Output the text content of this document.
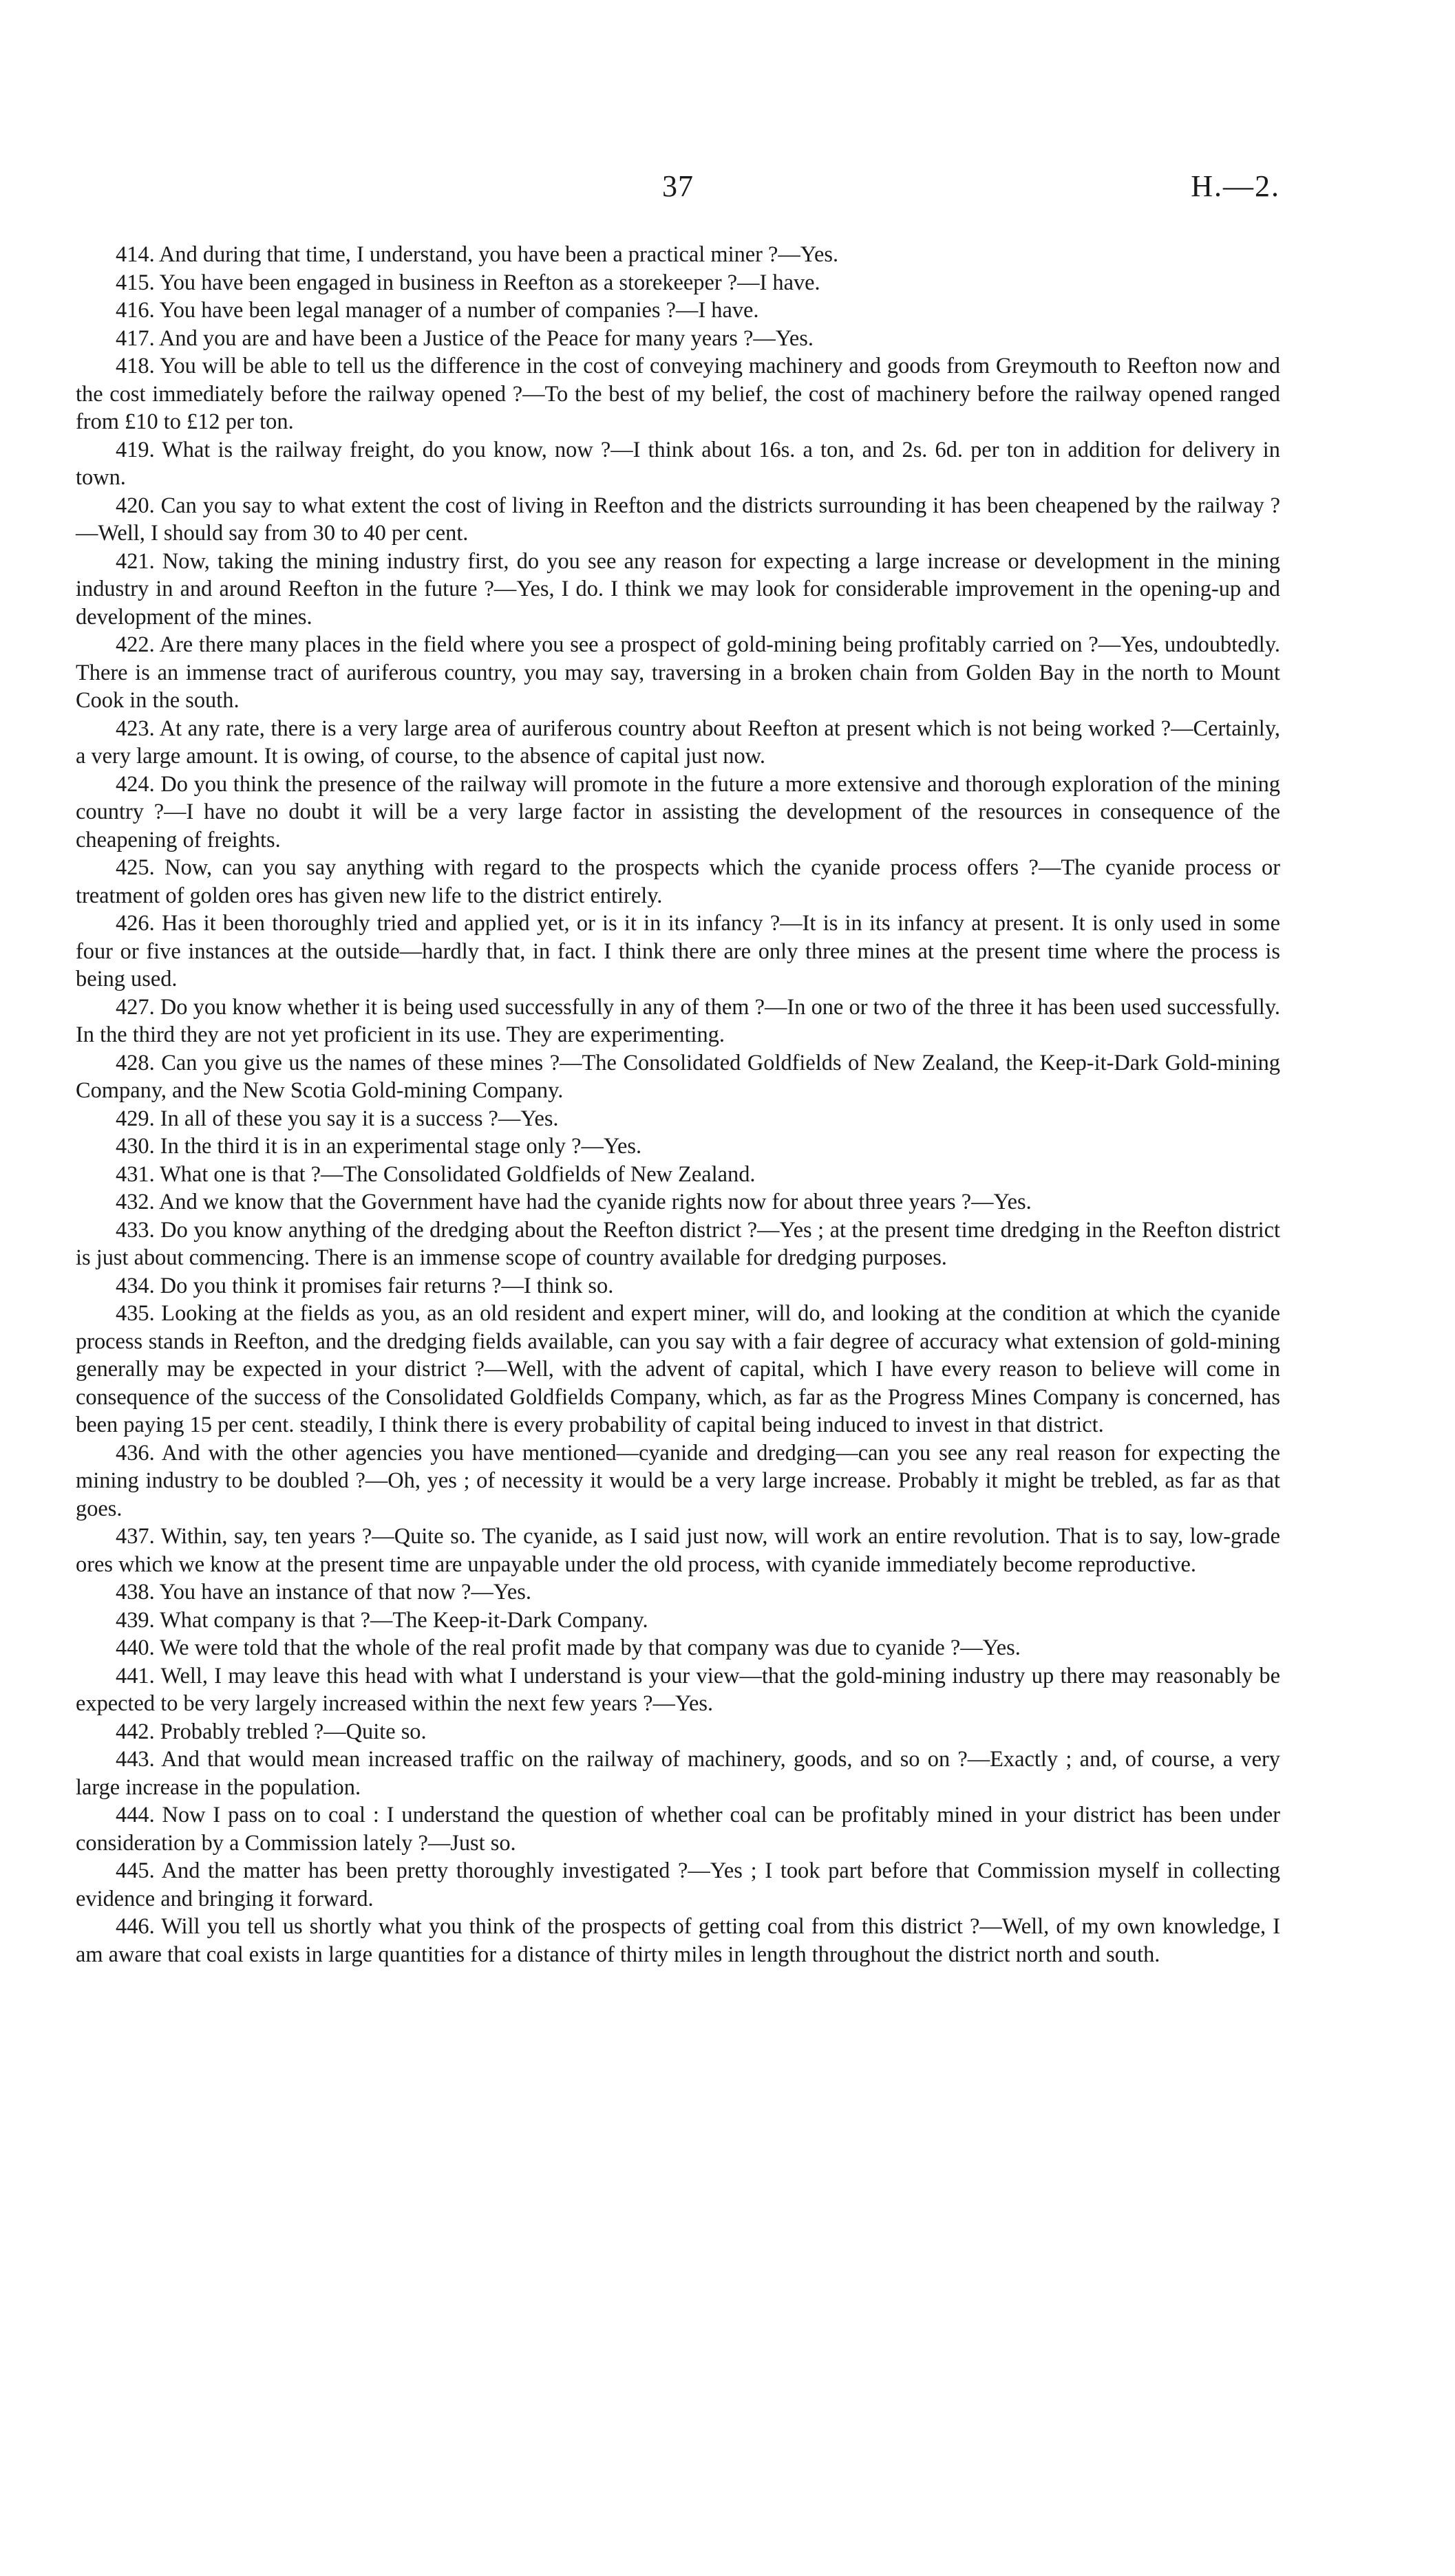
37	H.—2.

414. And during that time, I understand, you have been a practical miner ?—Yes.

415. You have been engaged in business in Reefton as a storekeeper ?—I have.

416. You have been legal manager of a number of companies ?—I have.

417. And you are and have been a Justice of the Peace for many years ?—Yes.

418. You will be able to tell us the difference in the cost of conveying machinery and goods from Greymouth to Reefton now and the cost immediately before the railway opened ?—To the best of my belief, the cost of machinery before the railway opened ranged from £10 to £12 per ton.

419. What is the railway freight, do you know, now ?—I think about 16s. a ton, and 2s. 6d. per ton in addition for delivery in town.

420. Can you say to what extent the cost of living in Reefton and the districts surrounding it has been cheapened by the railway ?—Well, I should say from 30 to 40 per cent.

421. Now, taking the mining industry first, do you see any reason for expecting a large increase or development in the mining industry in and around Reefton in the future ?—Yes, I do. I think we may look for considerable improvement in the opening-up and development of the mines.

422. Are there many places in the field where you see a prospect of gold-mining being profitably carried on ?—Yes, undoubtedly. There is an immense tract of auriferous country, you may say, traversing in a broken chain from Golden Bay in the north to Mount Cook in the south.

423. At any rate, there is a very large area of auriferous country about Reefton at present which is not being worked ?—Certainly, a very large amount. It is owing, of course, to the absence of capital just now.

424. Do you think the presence of the railway will promote in the future a more extensive and thorough exploration of the mining country ?—I have no doubt it will be a very large factor in assisting the development of the resources in consequence of the cheapening of freights.

425. Now, can you say anything with regard to the prospects which the cyanide process offers ?—The cyanide process or treatment of golden ores has given new life to the district entirely.

426. Has it been thoroughly tried and applied yet, or is it in its infancy ?—It is in its infancy at present. It is only used in some four or five instances at the outside—hardly that, in fact. I think there are only three mines at the present time where the process is being used.

427. Do you know whether it is being used successfully in any of them ?—In one or two of the three it has been used successfully. In the third they are not yet proficient in its use. They are experimenting.

428. Can you give us the names of these mines ?—The Consolidated Goldfields of New Zealand, the Keep-it-Dark Gold-mining Company, and the New Scotia Gold-mining Company.

429. In all of these you say it is a success ?—Yes.

430. In the third it is in an experimental stage only ?—Yes.

431. What one is that ?—The Consolidated Goldfields of New Zealand.

432. And we know that the Government have had the cyanide rights now for about three years ?—Yes.

433. Do you know anything of the dredging about the Reefton district ?—Yes ; at the present time dredging in the Reefton district is just about commencing. There is an immense scope of country available for dredging purposes.

434. Do you think it promises fair returns ?—I think so.

435. Looking at the fields as you, as an old resident and expert miner, will do, and looking at the condition at which the cyanide process stands in Reefton, and the dredging fields available, can you say with a fair degree of accuracy what extension of gold-mining generally may be expected in your district ?—Well, with the advent of capital, which I have every reason to believe will come in consequence of the success of the Consolidated Goldfields Company, which, as far as the Progress Mines Company is concerned, has been paying 15 per cent. steadily, I think there is every probability of capital being induced to invest in that district.

436. And with the other agencies you have mentioned—cyanide and dredging—can you see any real reason for expecting the mining industry to be doubled ?—Oh, yes ; of necessity it would be a very large increase. Probably it might be trebled, as far as that goes.

437. Within, say, ten years ?—Quite so. The cyanide, as I said just now, will work an entire revolution. That is to say, low-grade ores which we know at the present time are unpayable under the old process, with cyanide immediately become reproductive.

438. You have an instance of that now ?—Yes.

439. What company is that ?—The Keep-it-Dark Company.

440. We were told that the whole of the real profit made by that company was due to cyanide ?—Yes.

441. Well, I may leave this head with what I understand is your view—that the gold-mining industry up there may reasonably be expected to be very largely increased within the next few years ?—Yes.

442. Probably trebled ?—Quite so.

443. And that would mean increased traffic on the railway of machinery, goods, and so on ?—Exactly ; and, of course, a very large increase in the population.

444. Now I pass on to coal : I understand the question of whether coal can be profitably mined in your district has been under consideration by a Commission lately ?—Just so.

445. And the matter has been pretty thoroughly investigated ?—Yes ; I took part before that Commission myself in collecting evidence and bringing it forward.

446. Will you tell us shortly what you think of the prospects of getting coal from this district ?—Well, of my own knowledge, I am aware that coal exists in large quantities for a distance of thirty miles in length throughout the district north and south.
